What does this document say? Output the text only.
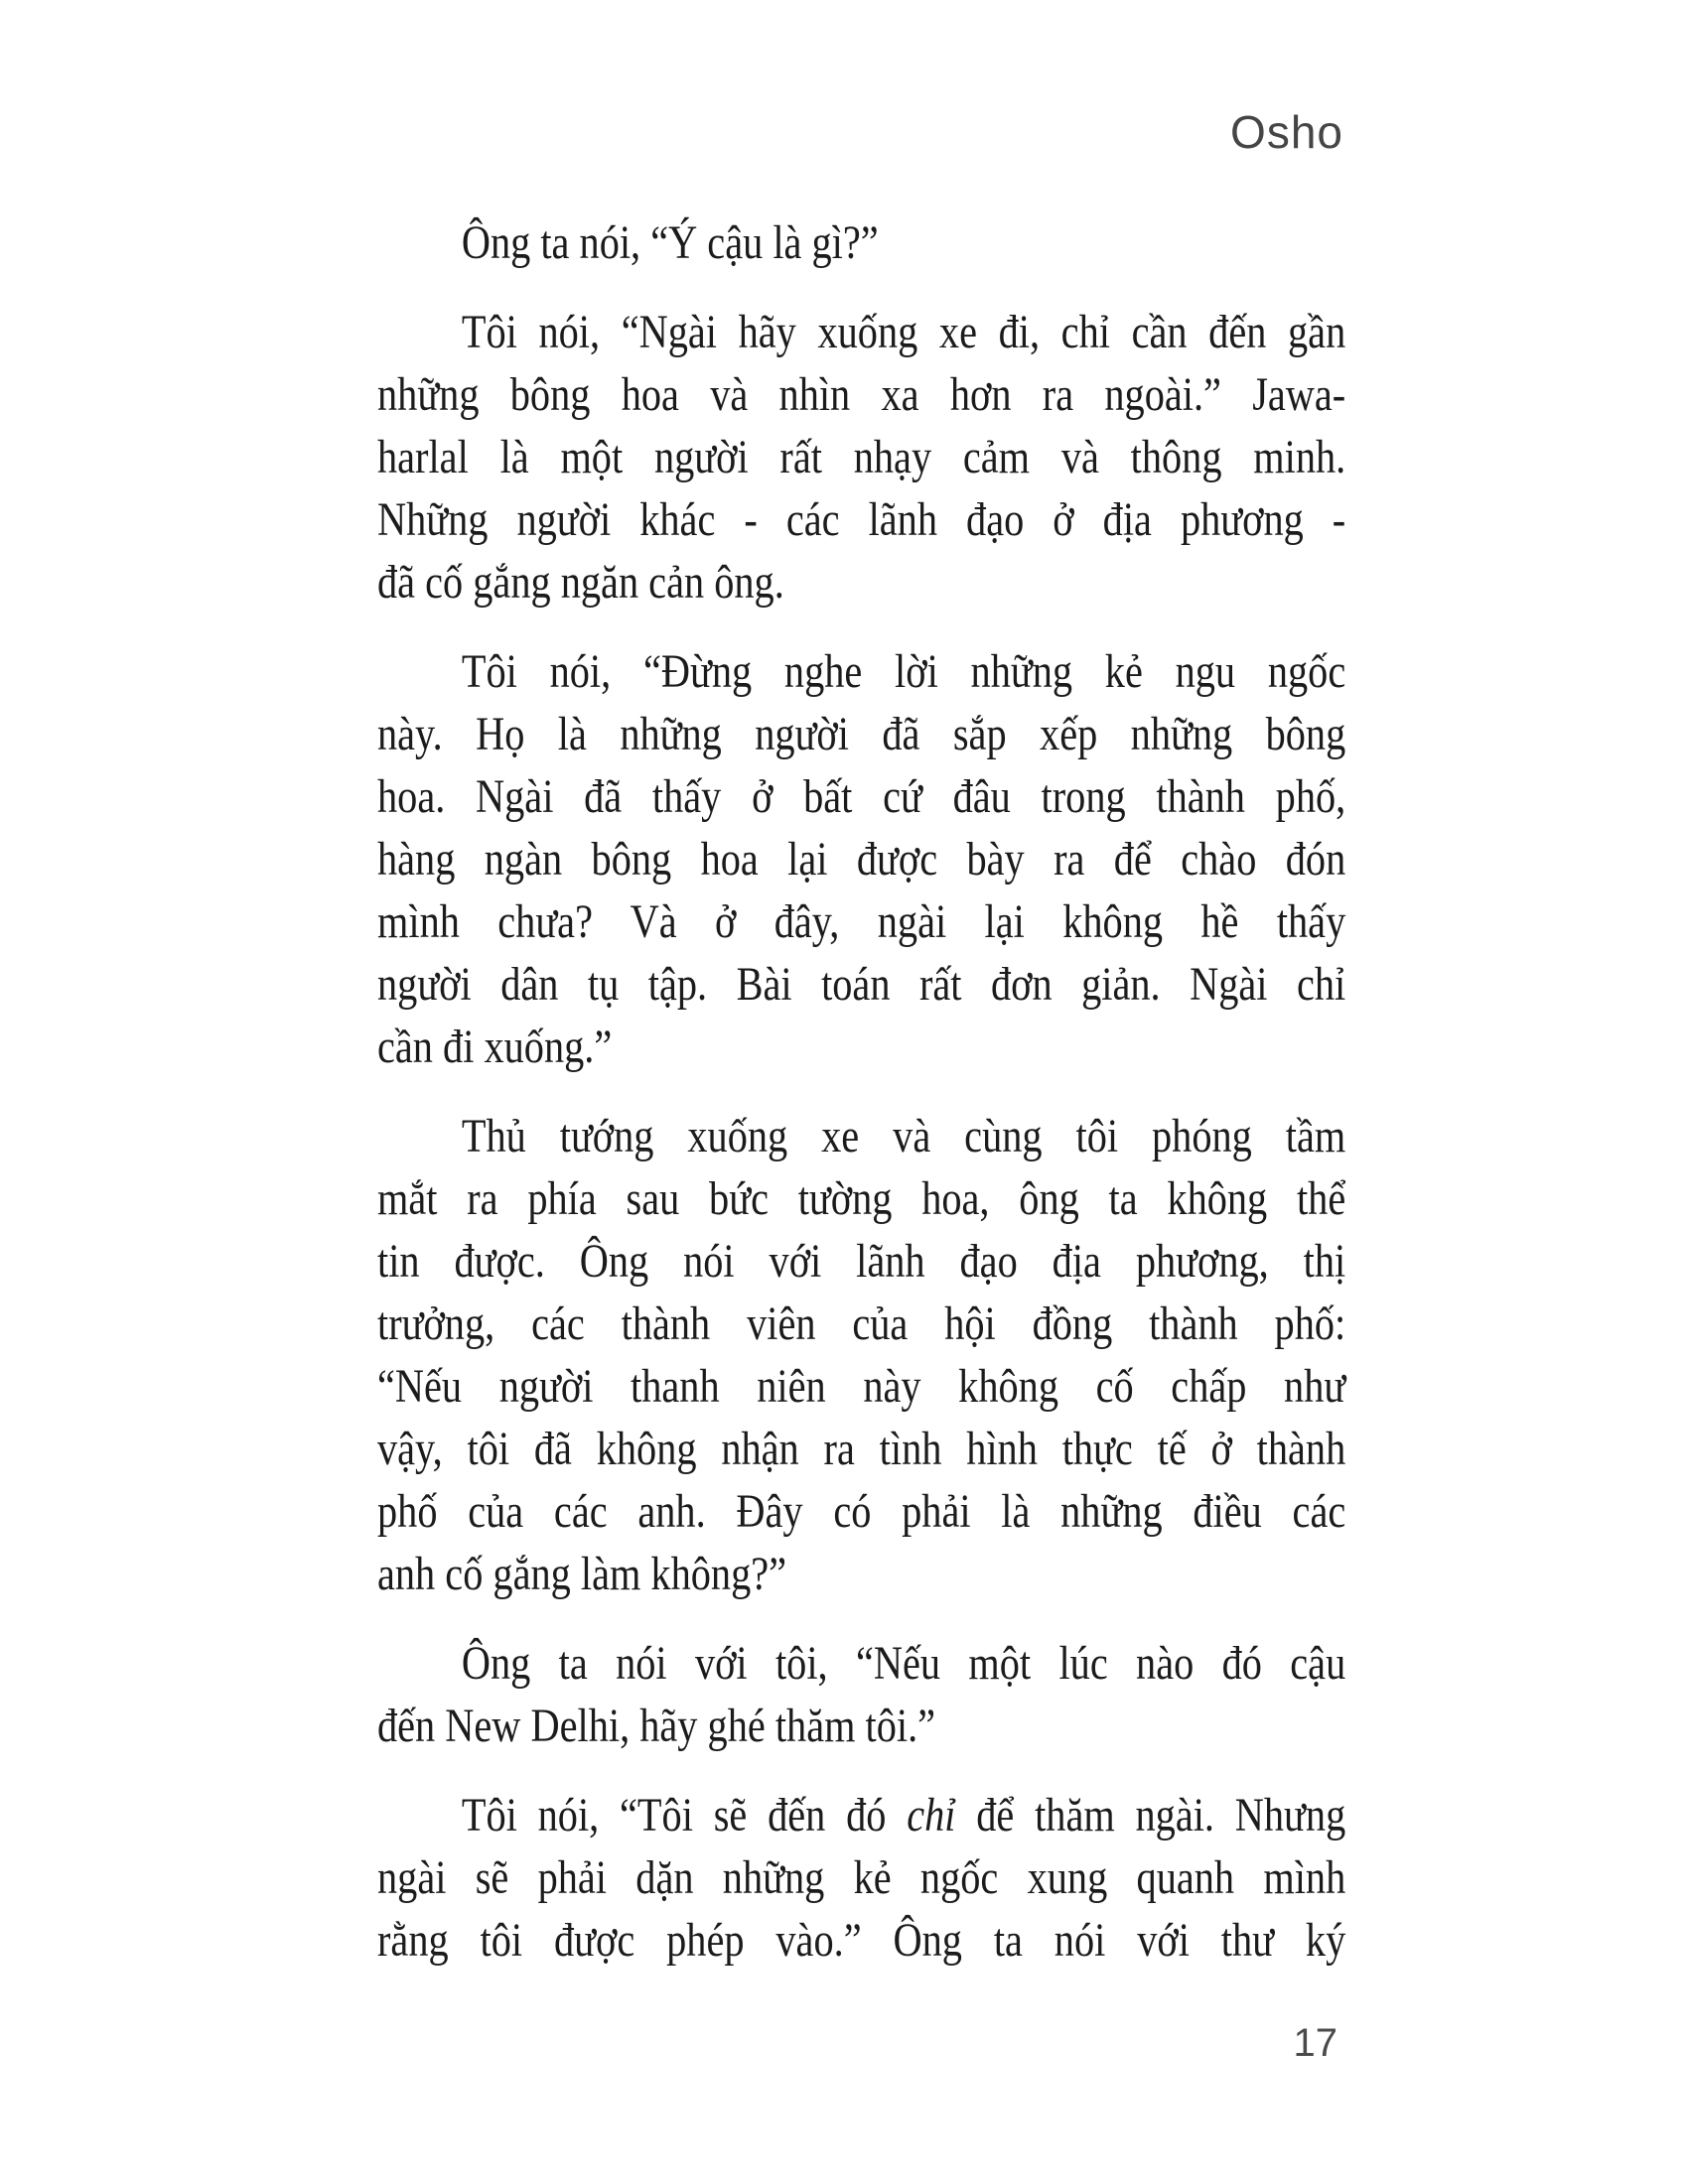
Osho
Ông ta nói, “Ý cậu là gì?”
Tôi nói, “Ngài hãy xuống xe đi, chỉ cần đến gần
những bông hoa và nhìn xa hơn ra ngoài.” Jawa-
harlal là một người rất nhạy cảm và thông minh.
Những người khác - các lãnh đạo ở địa phương -
đã cố gắng ngăn cản ông.
Tôi nói, “Đừng nghe lời những kẻ ngu ngốc
này. Họ là những người đã sắp xếp những bông
hoa. Ngài đã thấy ở bất cứ đâu trong thành phố,
hàng ngàn bông hoa lại được bày ra để chào đón
mình chưa? Và ở đây, ngài lại không hề thấy
người dân tụ tập. Bài toán rất đơn giản. Ngài chỉ
cần đi xuống.”
Thủ tướng xuống xe và cùng tôi phóng tầm
mắt ra phía sau bức tường hoa, ông ta không thể
tin được. Ông nói với lãnh đạo địa phương, thị
trưởng, các thành viên của hội đồng thành phố:
“Nếu người thanh niên này không cố chấp như
vậy, tôi đã không nhận ra tình hình thực tế ở thành
phố của các anh. Đây có phải là những điều các
anh cố gắng làm không?”
Ông ta nói với tôi, “Nếu một lúc nào đó cậu
đến New Delhi, hãy ghé thăm tôi.”
Tôi nói, “Tôi sẽ đến đó chỉ để thăm ngài. Nhưng
ngài sẽ phải dặn những kẻ ngốc xung quanh mình
rằng tôi được phép vào.” Ông ta nói với thư ký
17
